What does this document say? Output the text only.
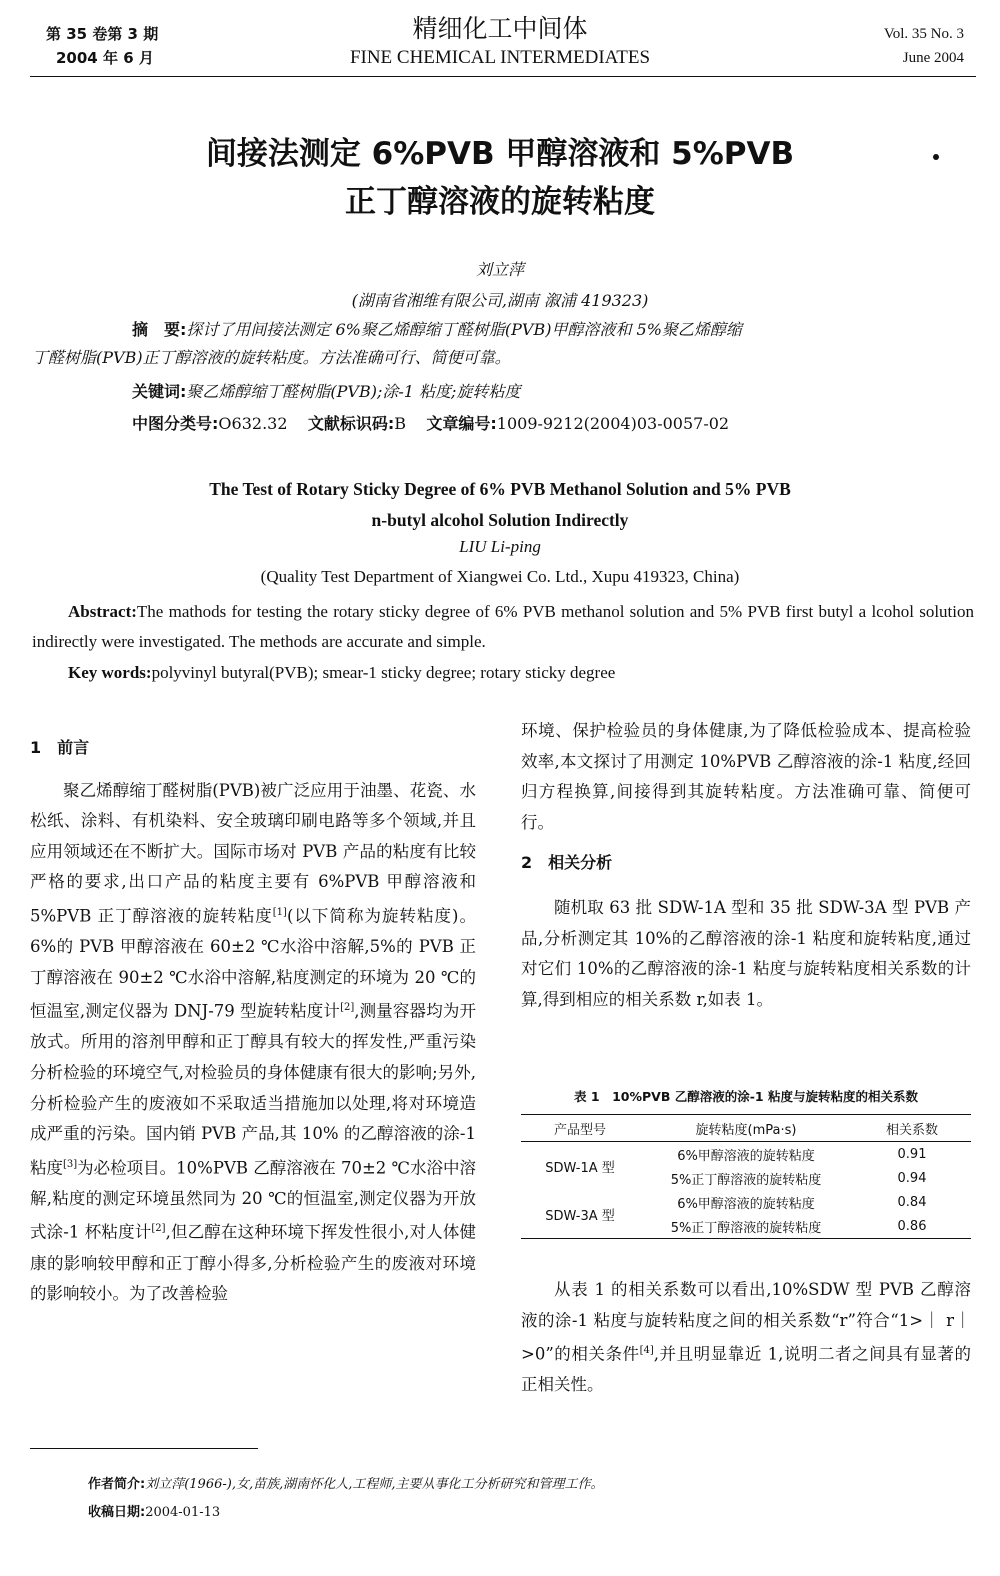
第 35 卷第 3 期
2004 年 6 月
精细化工中间体
FINE CHEMICAL INTERMEDIATES
Vol. 35 No. 3
June 2004
间接法测定 6%PVB 甲醇溶液和 5%PVB
正丁醇溶液的旋转粘度
刘立萍
(湖南省湘维有限公司,湖南 溆浦 419323)
摘　要:探讨了用间接法测定 6%聚乙烯醇缩丁醛树脂(PVB)甲醇溶液和 5%聚乙烯醇缩
丁醛树脂(PVB)正丁醇溶液的旋转粘度。方法准确可行、简便可靠。
关键词:聚乙烯醇缩丁醛树脂(PVB);涂-1 粘度;旋转粘度
中图分类号:O632.32 文献标识码:B 文章编号:1009-9212(2004)03-0057-02
The Test of Rotary Sticky Degree of 6% PVB Methanol Solution and 5% PVB
n-butyl alcohol Solution Indirectly
LIU Li-ping
(Quality Test Department of Xiangwei Co. Ltd., Xupu 419323, China)
Abstract:The mathods for testing the rotary sticky degree of 6% PVB methanol solution and 5% PVB first butyl a lcohol solution indirectly were investigated. The methods are accurate and simple.
Key words:polyvinyl butyral(PVB); smear-1 sticky degree; rotary sticky degree
1　前言

聚乙烯醇缩丁醛树脂(PVB)被广泛应用于油墨、花瓷、水松纸、涂料、有机染料、安全玻璃印刷电路等多个领域,并且应用领域还在不断扩大。国际市场对 PVB 产品的粘度有比较严格的要求,出口产品的粘度主要有 6%PVB 甲醇溶液和 5%PVB 正丁醇溶液的旋转粘度[1](以下简称为旋转粘度)。6%的 PVB 甲醇溶液在 60±2 ℃水浴中溶解,5%的 PVB 正丁醇溶液在 90±2 ℃水浴中溶解,粘度测定的环境为 20 ℃的恒温室,测定仪器为 DNJ-79 型旋转粘度计[2],测量容器均为开放式。所用的溶剂甲醇和正丁醇具有较大的挥发性,严重污染分析检验的环境空气,对检验员的身体健康有很大的影响;另外,分析检验产生的废液如不采取适当措施加以处理,将对环境造成严重的污染。国内销 PVB 产品,其 10% 的乙醇溶液的涂-1 粘度[3]为必检项目。10%PVB 乙醇溶液在 70±2 ℃水浴中溶解,粘度的测定环境虽然同为 20 ℃的恒温室,测定仪器为开放式涂-1 杯粘度计[2],但乙醇在这种环境下挥发性很小,对人体健康的影响较甲醇和正丁醇小得多,分析检验产生的废液对环境的影响较小。为了改善检验

环境、保护检验员的身体健康,为了降低检验成本、提高检验效率,本文探讨了用测定 10%PVB 乙醇溶液的涂-1 粘度,经回归方程换算,间接得到其旋转粘度。方法准确可靠、简便可行。
2　相关分析

随机取 63 批 SDW-1A 型和 35 批 SDW-3A 型 PVB 产品,分析测定其 10%的乙醇溶液的涂-1 粘度和旋转粘度,通过对它们 10%的乙醇溶液的涂-1 粘度与旋转粘度相关系数的计算,得到相应的相关系数 r,如表 1。

表 1　10%PVB 乙醇溶液的涂-1 粘度与旋转粘度的相关系数
产品型号	旋转粘度(mPa·s)	相关系数
SDW-1A 型	6%甲醇溶液的旋转粘度	0.91
	5%正丁醇溶液的旋转粘度	0.94
SDW-3A 型	6%甲醇溶液的旋转粘度	0.84
	5%正丁醇溶液的旋转粘度	0.86

从表 1 的相关系数可以看出,10%SDW 型 PVB 乙醇溶液的涂-1 粘度与旋转粘度之间的相关系数“r”符合“1>｜ r｜ >0”的相关条件[4],并且明显靠近 1,说明二者之间具有显著的正相关性。

作者简介:刘立萍(1966-),女,苗族,湖南怀化人,工程师,主要从事化工分析研究和管理工作。
收稿日期:2004-01-13
